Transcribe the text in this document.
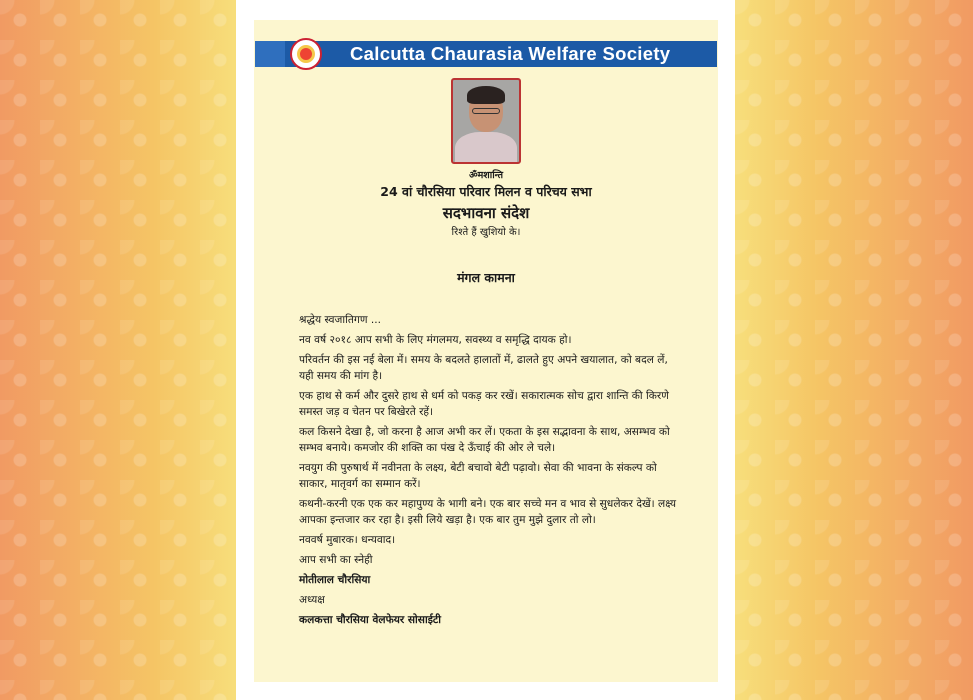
Calcutta Chaurasia Welfare Society
ॐमशान्ति
24 वां चौरसिया परिवार मिलन व परिचय सभा
सदभावना संदेश
रिश्ते हैं खुशियो के।
मंगल कामना

श्रद्धेय स्वजातिगण ...

नव वर्ष २०१८ आप सभी के लिए मंगलमय, सवस्थ्य व समृद्धि दायक हो।

परिवर्तन की इस नई बेला में। समय के बदलते हालातों में, ढालते हुए अपने खयालात, को बदल लें, यही समय की मांग है।

एक हाथ से कर्म और दुसरे हाथ से धर्म को पकड़ कर रखें। सकारात्मक सोच द्वारा शान्ति की किरणे समस्त जड़ व चेतन पर बिखेरते रहें।

कल किसने देखा है, जो करना है आज अभी कर लें। एकता के इस सद्भावना के साथ, असम्भव को सम्भव बनाये। कमजोर की शक्ति का पंख दे ऊँचाई की ओर ले चले।

नवयुग की पुरुषार्थ में नवीनता के लक्ष्य, बेटी बचावो बेटी पढ़ावो। सेवा की भावना के संकल्प को साकार, मातृवर्ग का सम्मान करें।

कथनी-करनी एक एक कर महापुण्य के भागी बने। एक बार सच्चे मन व भाव से सुधलेकर देखें। लक्ष्य आपका इन्तजार कर रहा है। इसी लिये खड़ा है। एक बार तुम मुझे दुलार तो लो।

नववर्ष मुबारक। धन्यवाद।

आप सभी का स्नेही

मोतीलाल चौरसिया

अध्यक्ष

कलकत्ता चौरसिया वेलफेयर सोसाईटी
